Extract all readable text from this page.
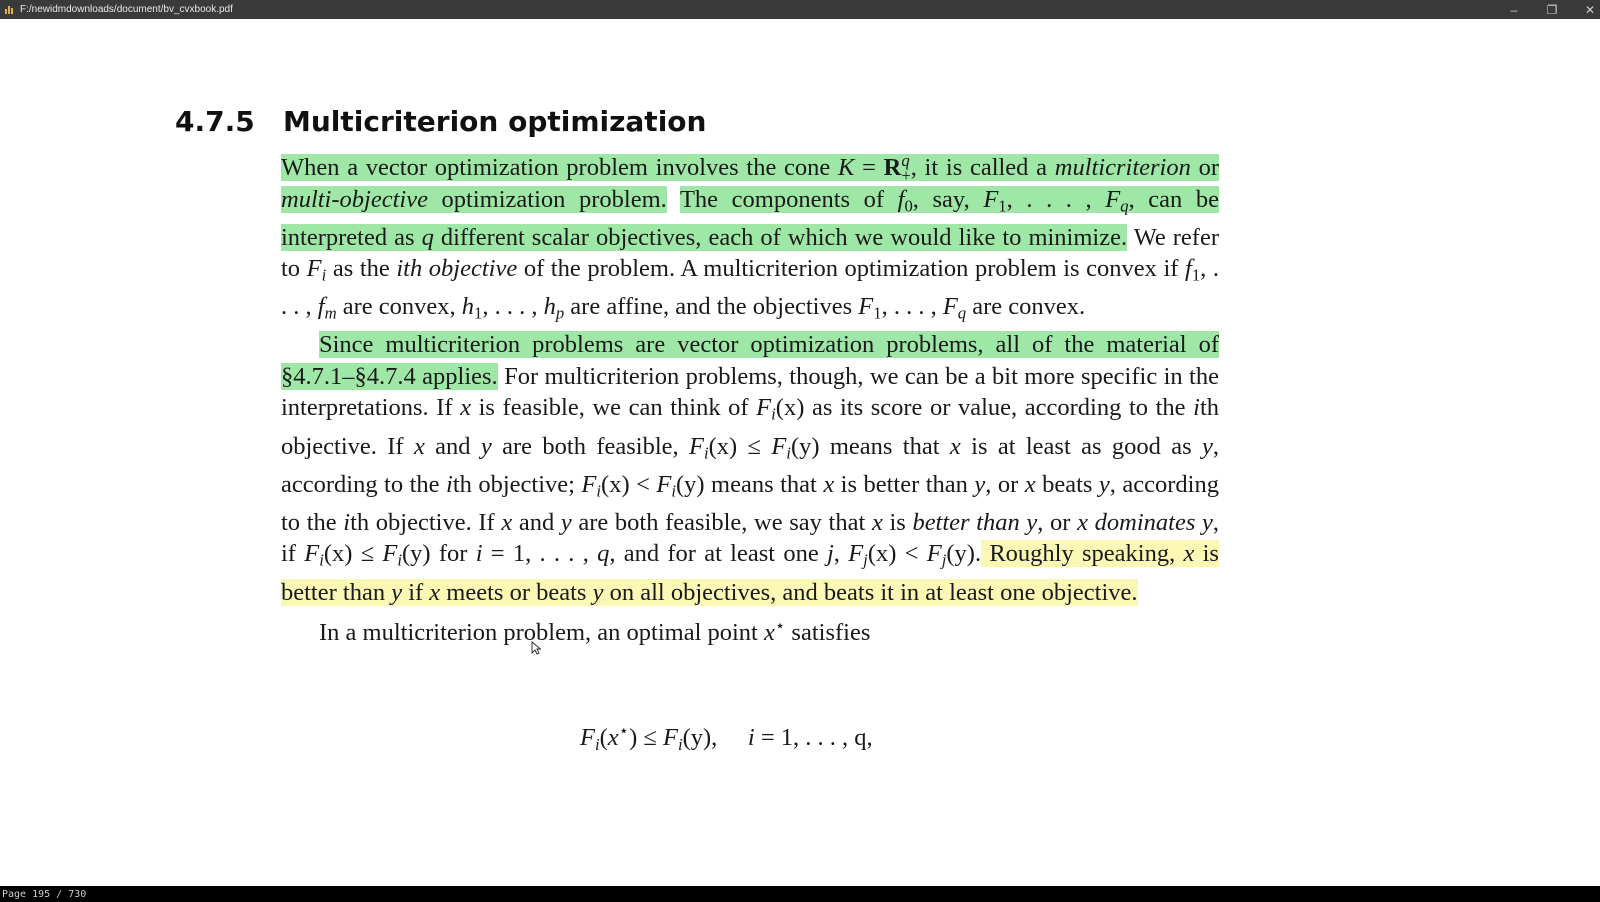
F:/newidmdownloads/document/bv_cvxbook.pdf	–	❐	✕
4.7.5 Multicriterion optimization

When a vector optimization problem involves the cone K = Rq
+, it is called a multicriterion or multi-objective optimization problem. The components of f0, say, F1, . . . , $F_q$, can be interpreted as q different scalar objectives, each of which we would like to minimize. We refer to $F_i$ as the ith objective of the problem. A multicriterion optimization problem is convex if f1, . . . , $f_m$ are convex, h1, . . . , $h_p$ are affine, and the objectives F1, . . . , $F_q$ are convex.

Since multicriterion problems are vector optimization problems, all of the material of §4.7.1–§4.7.4 applies. For multicriterion problems, though, we can be a bit more specific in the interpretations. If x is feasible, we can think of $F_i(x)$ as its score or value, according to the ith objective. If x and y are both feasible, $F_i(x) \le F_i(y)$ means that x is at least as good as y, according to the ith objective; $F_i(x) < F_i(y)$ means that x is better than y, or x beats y, according to the ith objective. If x and y are both feasible, we say that x is better than y, or x dominates y, if $F_i(x) \le F_i(y)$ for i = 1, . . . , q, and for at least one j, $F_j(x) < F_j(y)$. Roughly speaking, x is better than y if x meets or beats y on all objectives, and beats it in at least one objective.

In a multicriterion problem, an optimal point x⋆ satisfies

$F_i(x^⋆) \le F_i(y)$, i = 1, . . . , q,
Page 195 / 730
